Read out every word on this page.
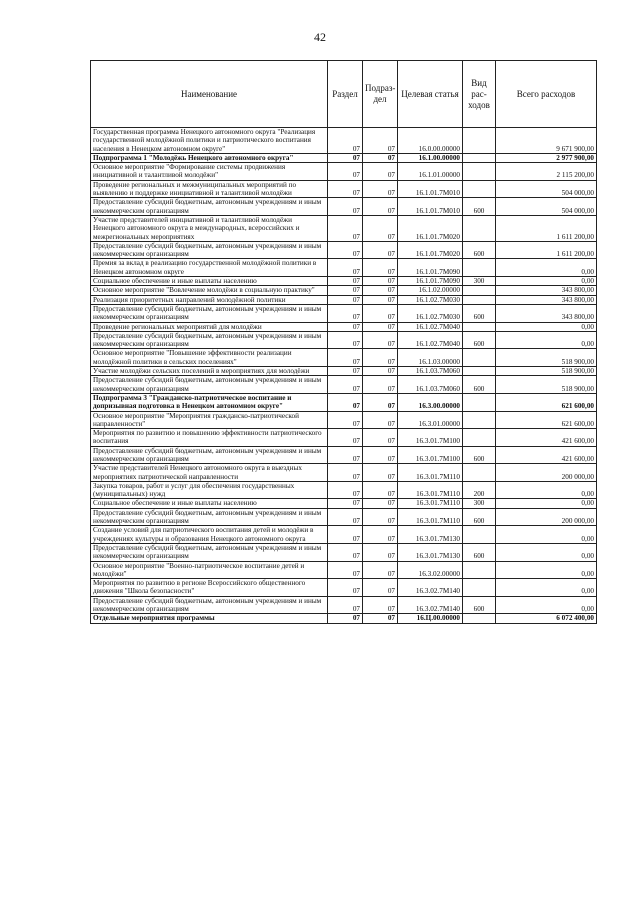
42
Наименование	Раздел	Подраз-дел	Целевая статья	Вид рас-ходов	Всего расходов
Государственная программа Ненецкого автономного округа "Реализация государственной молодёжной политики и патриотического воспитания населения в Ненецком автономном округе"	07	07	16.0.00.00000		9 671 900,00
Подпрограмма 1 "Молодёжь Ненецкого автономного округа"	07	07	16.1.00.00000		2 977 900,00
Основное мероприятие "Формирование системы продвижения инициативной и талантливой молодёжи"	07	07	16.1.01.00000		2 115 200,00
Проведение региональных и межмуниципальных мероприятий по выявлению и поддержке инициативной и талантливой молодёжи	07	07	16.1.01.7М010		504 000,00
Предоставление субсидий бюджетным, автономным учреждениям и иным некоммерческим организациям	07	07	16.1.01.7М010	600	504 000,00
Участие представителей инициативной и талантливой молодёжи Ненецкого автономного округа в международных, всероссийских и межрегиональных мероприятиях	07	07	16.1.01.7М020		1 611 200,00
Предоставление субсидий бюджетным, автономным учреждениям и иным некоммерческим организациям	07	07	16.1.01.7М020	600	1 611 200,00
Премия за вклад в реализацию государственной молодёжной политики в Ненецком автономном округе	07	07	16.1.01.7М090		0,00
Социальное обеспечение и иные выплаты населению	07	07	16.1.01.7М090	300	0,00
Основное мероприятие "Вовлечение молодёжи в социальную практику"	07	07	16.1.02.00000		343 800,00
Реализация приоритетных направлений молодёжной политики	07	07	16.1.02.7М030		343 800,00
Предоставление субсидий бюджетным, автономным учреждениям и иным некоммерческим организациям	07	07	16.1.02.7М030	600	343 800,00
Проведение региональных мероприятий для молодёжи	07	07	16.1.02.7М040		0,00
Предоставление субсидий бюджетным, автономным учреждениям и иным некоммерческим организациям	07	07	16.1.02.7М040	600	0,00
Основное мероприятие "Повышение эффективности реализации молодёжной политики в сельских поселениях"	07	07	16.1.03.00000		518 900,00
Участие молодёжи сельских поселений в мероприятиях для молодёжи	07	07	16.1.03.7М060		518 900,00
Предоставление субсидий бюджетным, автономным учреждениям и иным некоммерческим организациям	07	07	16.1.03.7М060	600	518 900,00
Подпрограмма 3 "Гражданско-патриотическое воспитание и допризывная подготовка в Ненецком автономном округе"	07	07	16.3.00.00000		621 600,00
Основное мероприятие "Мероприятия гражданско-патриотической направленности"	07	07	16.3.01.00000		621 600,00
Мероприятия по развитию и повышению эффективности патриотического воспитания	07	07	16.3.01.7М100		421 600,00
Предоставление субсидий бюджетным, автономным учреждениям и иным некоммерческим организациям	07	07	16.3.01.7М100	600	421 600,00
Участие представителей Ненецкого автономного округа в выездных мероприятиях патриотической направленности	07	07	16.3.01.7М110		200 000,00
Закупка товаров, работ и услуг для обеспечения государственных (муниципальных) нужд	07	07	16.3.01.7М110	200	0,00
Социальное обеспечение и иные выплаты населению	07	07	16.3.01.7М110	300	0,00
Предоставление субсидий бюджетным, автономным учреждениям и иным некоммерческим организациям	07	07	16.3.01.7М110	600	200 000,00
Создание условий для патриотического воспитания детей и молодёжи в учреждениях культуры и образования Ненецкого автономного округа	07	07	16.3.01.7М130		0,00
Предоставление субсидий бюджетным, автономным учреждениям и иным некоммерческим организациям	07	07	16.3.01.7М130	600	0,00
Основное мероприятие "Военно-патриотическое воспитание детей и молодёжи"	07	07	16.3.02.00000		0,00
Мероприятия по развитию в регионе Всероссийского общественного движения "Школа безопасности"	07	07	16.3.02.7М140		0,00
Предоставление субсидий бюджетным, автономным учреждениям и иным некоммерческим организациям	07	07	16.3.02.7М140	600	0,00
Отдельные мероприятия программы	07	07	16.Ц.00.00000		6 072 400,00
